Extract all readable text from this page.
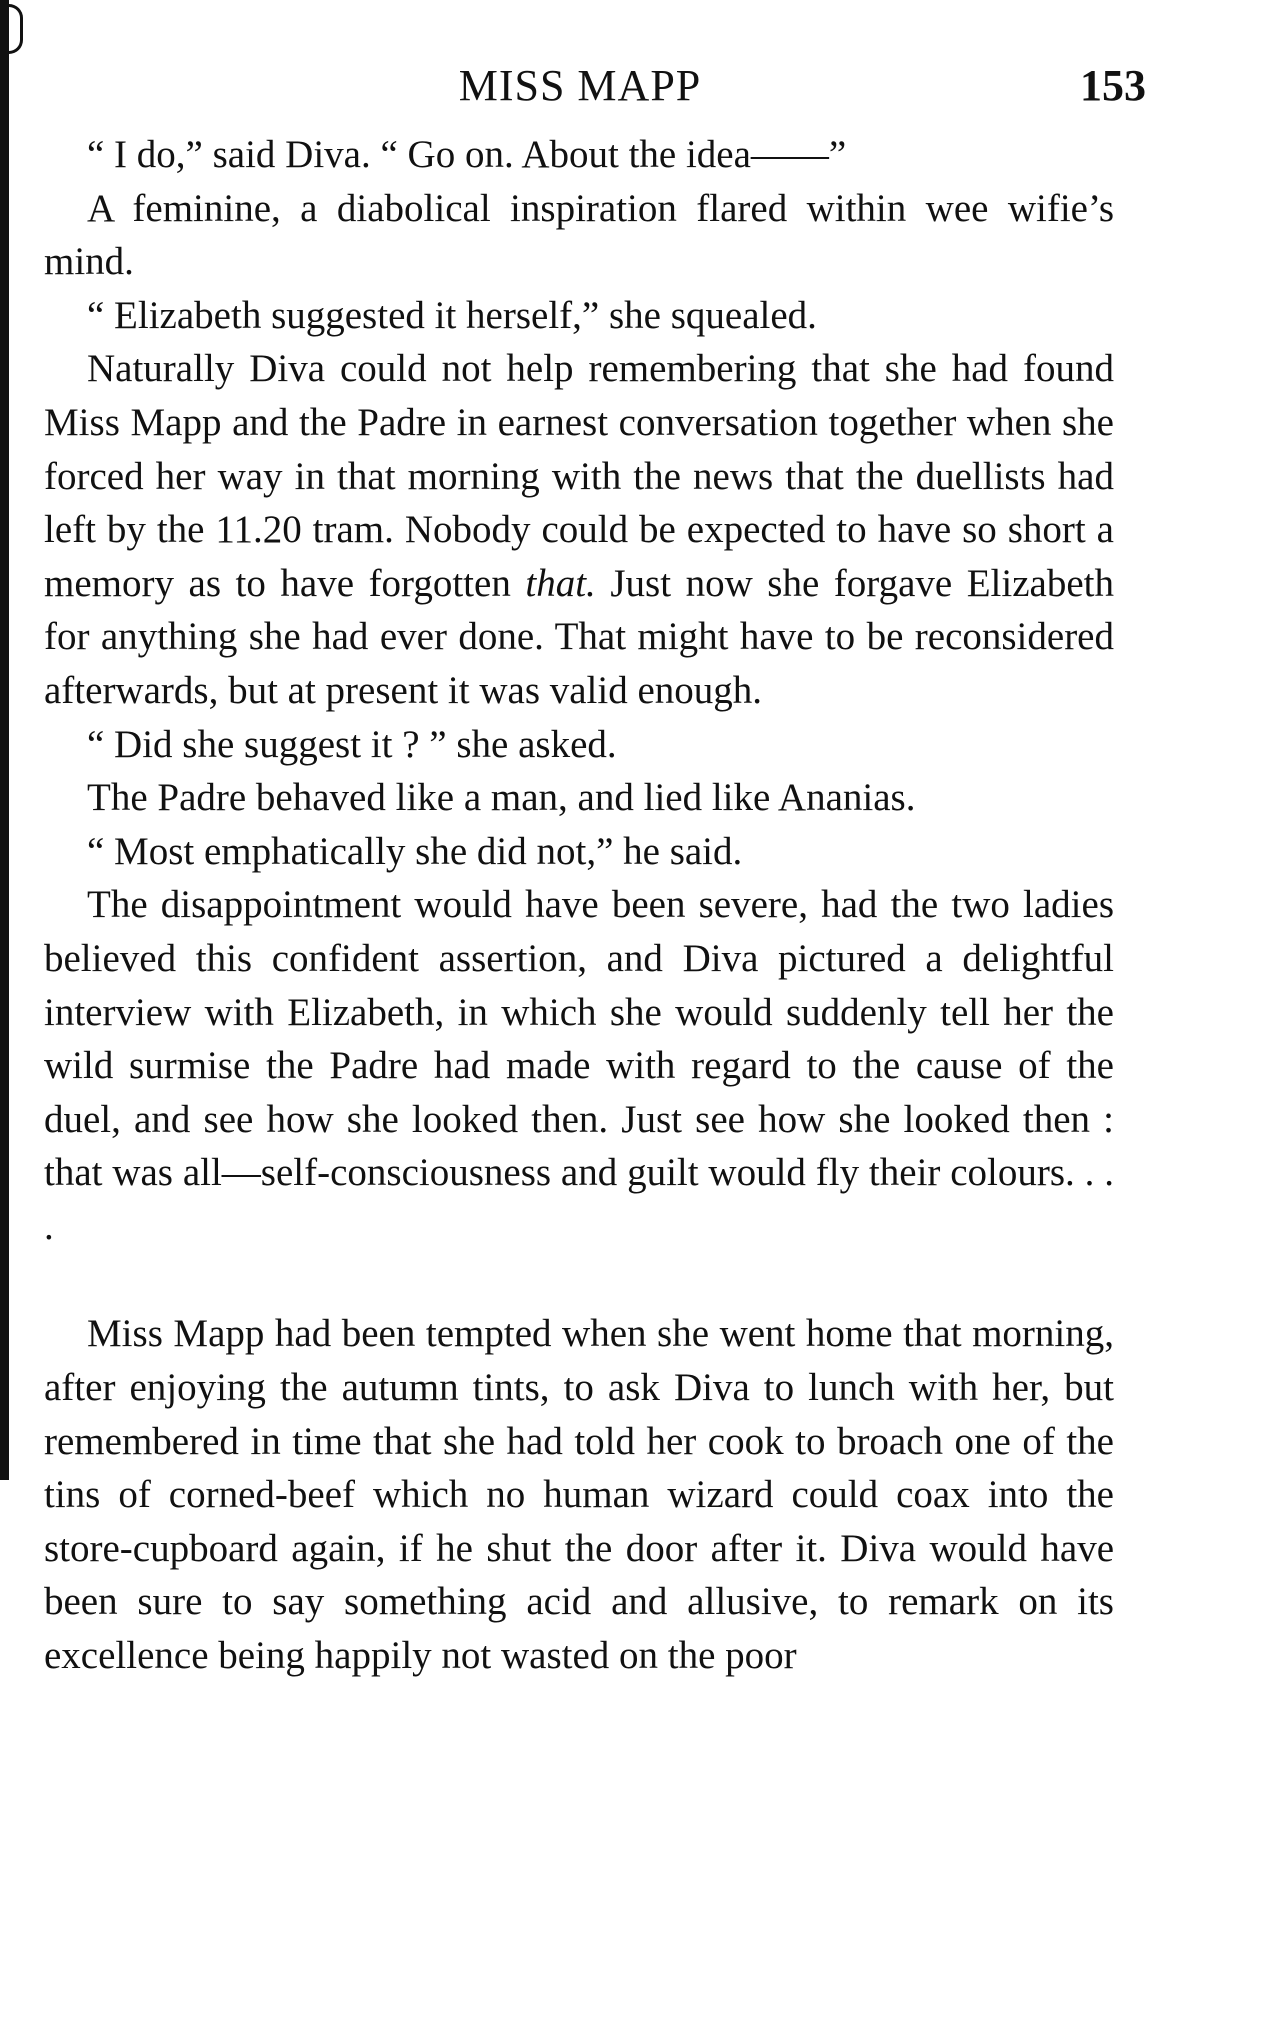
MISS MAPP	153

“ I do,” said Diva. “ Go on. About the idea——”

A feminine, a diabolical inspiration flared within wee wifie’s mind.

“ Elizabeth suggested it herself,” she squealed.

Naturally Diva could not help remembering that she had found Miss Mapp and the Padre in earnest conversation together when she forced her way in that morning with the news that the duellists had left by the 11.20 tram. Nobody could be expected to have so short a memory as to have forgotten that. Just now she forgave Elizabeth for anything she had ever done. That might have to be reconsidered afterwards, but at present it was valid enough.

“ Did she suggest it ? ” she asked.

The Padre behaved like a man, and lied like Ananias.

“ Most emphatically she did not,” he said.

The disappointment would have been severe, had the two ladies believed this confident assertion, and Diva pictured a delightful interview with Elizabeth, in which she would suddenly tell her the wild surmise the Padre had made with regard to the cause of the duel, and see how she looked then. Just see how she looked then : that was all—self-consciousness and guilt would fly their colours. . . .

Miss Mapp had been tempted when she went home that morning, after enjoying the autumn tints, to ask Diva to lunch with her, but remembered in time that she had told her cook to broach one of the tins of corned-beef which no human wizard could coax into the store-cupboard again, if he shut the door after it. Diva would have been sure to say something acid and allusive, to remark on its excellence being happily not wasted on the poor
